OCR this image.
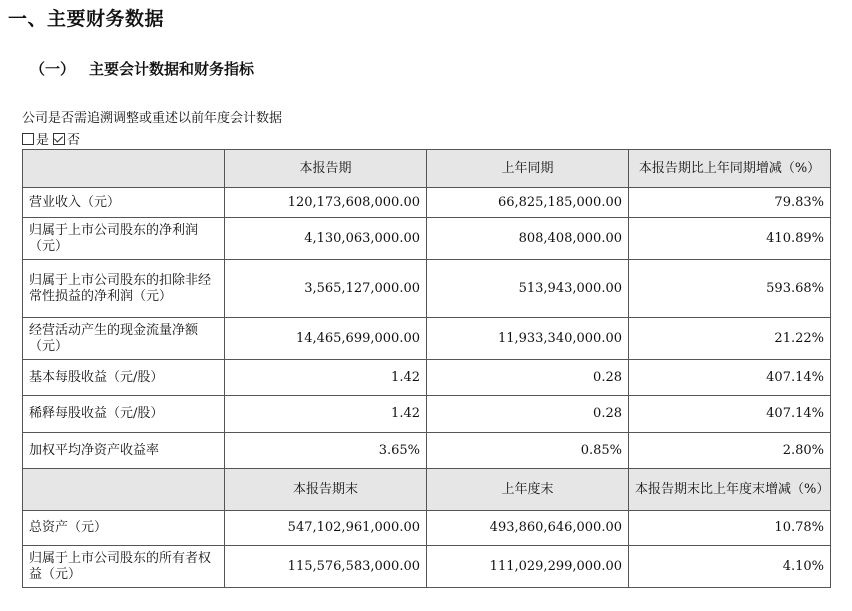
一、主要财务数据
（一） 主要会计数据和财务指标
公司是否需追溯调整或重述以前年度会计数据
是 否
	本报告期	上年同期	本报告期比上年同期增减（%）
营业收入（元）	120,173,608,000.00	66,825,185,000.00	79.83%
归属于上市公司股东的净利润（元）	4,130,063,000.00	808,408,000.00	410.89%
归属于上市公司股东的扣除非经常性损益的净利润（元）	3,565,127,000.00	513,943,000.00	593.68%
经营活动产生的现金流量净额（元）	14,465,699,000.00	11,933,340,000.00	21.22%
基本每股收益（元/股）	1.42	0.28	407.14%
稀释每股收益（元/股）	1.42	0.28	407.14%
加权平均净资产收益率	3.65%	0.85%	2.80%
	本报告期末	上年度末	本报告期末比上年度末增减（%）
总资产（元）	547,102,961,000.00	493,860,646,000.00	10.78%
归属于上市公司股东的所有者权益（元）	115,576,583,000.00	111,029,299,000.00	4.10%
